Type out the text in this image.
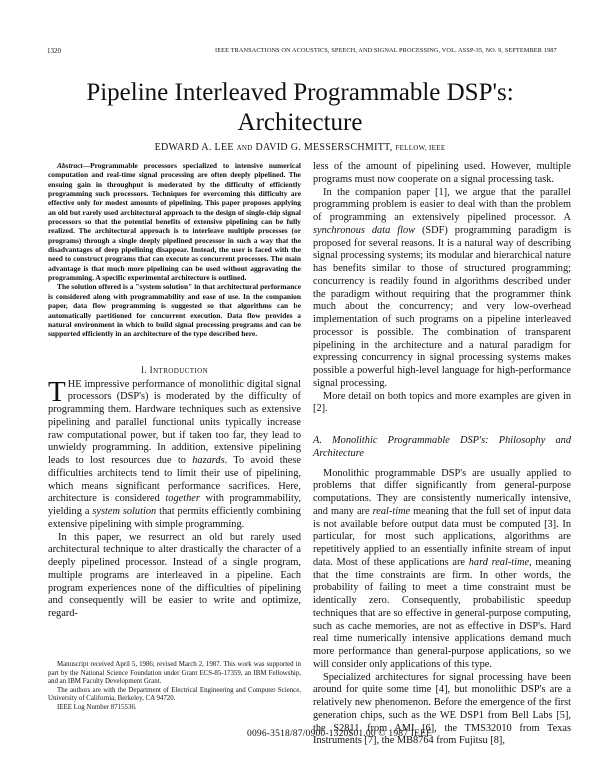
1320	IEEE TRANSACTIONS ON ACOUSTICS, SPEECH, AND SIGNAL PROCESSING, VOL. ASSP-35, NO. 9, SEPTEMBER 1987
Pipeline Interleaved Programmable DSP's:
Architecture
EDWARD A. LEE AND DAVID G. MESSERSCHMITT, FELLOW, IEEE

Abstract—Programmable processors specialized to intensive numerical computation and real-time signal processing are often deeply pipelined. The ensuing gain in throughput is moderated by the difficulty of efficiently programming such processors. Techniques for overcoming this difficulty are effective only for modest amounts of pipelining. This paper proposes applying an old but rarely used architectural approach to the design of single-chip signal processors so that the potential benefits of extensive pipelining can be fully realized. The architectural approach is to interleave multiple processes (or programs) through a single deeply pipelined processor in such a way that the disadvantages of deep pipelining disappear. Instead, the user is faced with the need to construct programs that can execute as concurrent processes. The main advantage is that much more pipelining can be used without aggravating the programming. A specific experimental architecture is outlined.

The solution offered is a "system solution" in that architectural performance is considered along with programmability and ease of use. In the companion paper, data flow programming is suggested so that algorithms can be automatically partitioned for concurrent execution. Data flow provides a natural environment in which to build signal processing programs and can be supported efficiently in an architecture of the type described here.

I. INTRODUCTION

THE impressive performance of monolithic digital signal processors (DSP's) is moderated by the difficulty of programming them. Hardware techniques such as extensive pipelining and parallel functional units typically increase raw computational power, but if taken too far, they lead to unwieldy programming. In addition, extensive pipelining leads to lost resources due to hazards. To avoid these difficulties architects tend to limit their use of pipelining, which means significant performance sacrifices. Here, architecture is considered together with programmability, yielding a system solution that permits efficiently combining extensive pipelining with simple programming.

In this paper, we resurrect an old but rarely used architectural technique to alter drastically the character of a deeply pipelined processor. Instead of a single program, multiple programs are interleaved in a pipeline. Each program experiences none of the difficulties of pipelining and consequently will be easier to write and optimize, regard-

Manuscript received April 5, 1986; revised March 2, 1987. This work was supported in part by the National Science Foundation under Grant ECS-85-17359, an IBM Fellowship, and an IBM Faculty Development Grant.

The authors are with the Department of Electrical Engineering and Computer Science, University of California, Berkeley, CA 94720.

IEEE Log Number 8715536.

less of the amount of pipelining used. However, multiple programs must now cooperate on a signal processing task.

In the companion paper [1], we argue that the parallel programming problem is easier to deal with than the problem of programming an extensively pipelined processor. A synchronous data flow (SDF) programming paradigm is proposed for several reasons. It is a natural way of describing signal processing systems; its modular and hierarchical nature has benefits similar to those of structured programming; concurrency is readily found in algorithms described under the paradigm without requiring that the programmer think much about the concurrency; and very low-overhead implementation of such programs on a pipeline interleaved processor is possible. The combination of transparent pipelining in the architecture and a natural paradigm for expressing concurrency in signal processing systems makes possible a powerful high-level language for high-performance signal processing.

More detail on both topics and more examples are given in [2].

A. Monolithic Programmable DSP's: Philosophy and Architecture

Monolithic programmable DSP's are usually applied to problems that differ significantly from general-purpose computations. They are consistently numerically intensive, and many are real-time meaning that the full set of input data is not available before output data must be computed [3]. In particular, for most such applications, algorithms are repetitively applied to an essentially infinite stream of input data. Most of these applications are hard real-time, meaning that the time constraints are firm. In other words, the probability of failing to meet a time constraint must be identically zero. Consequently, probabilistic speedup techniques that are so effective in general-purpose computing, such as cache memories, are not as effective in DSP's. Hard real time numerically intensive applications demand much more performance than general-purpose applications, so we will consider only applications of this type.

Specialized architectures for signal processing have been around for quite some time [4], but monolithic DSP's are a relatively new phenomenon. Before the emergence of the first generation chips, such as the WE DSP1 from Bell Labs [5], the S2811 from AMI [6], the TMS32010 from Texas Instruments [7], the MB8764 from Fujitsu [8],

0096-3518/87/0900-1320$01.00 © 1987 IEEE
